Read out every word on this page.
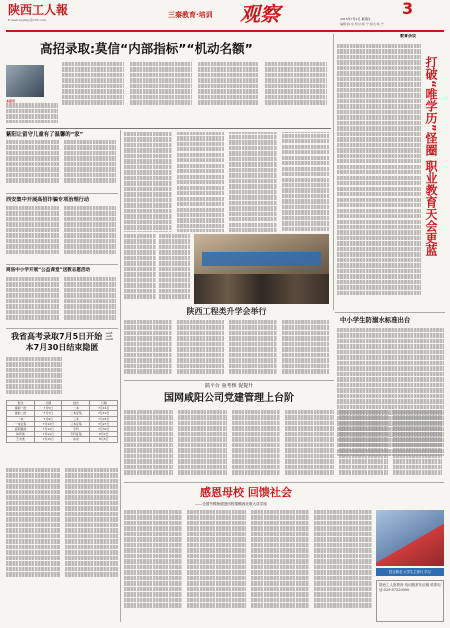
陕西工人報
E-mail:sxgrbjy@163.com
三秦教育·培训	观察	3
2015年7月2日 星期四
编辑:韩 东 校对:杨 宁 版式:杨 宁
高招录取:莫信“内部指标”“机动名额”
本报讯
教育杂谈
打破“唯学历”怪圈 职业教育天会更蓝
紫阳让留守儿童有了温馨的“家”
西安集中开展高招诈骗专项治理行动
商洛中小学开展“公益课堂”送教志愿活动
我省高考录取7月5日开始 三本7月30日结束隐匿
批次	日期	批次	日期
提前一批	7月5日	二本	7月16日
提前二批	7月7日	二本征集	7月19日
一本	7月9日	三本	7月24日
一本征集	7月12日	三本征集	7月27日
高职提前	7月13日	专科	7月30日
体育类	7月14日	专科征集	8月2日
艺术类	7月15日	补录	8月5日
陕西工程类升学会举行
中小学生防溺水标准出台
搞平台 重考核 促提升
国网咸阳公司党建管理上台阶
感恩母校 回馈社会
——全国劳模杨德进回校捐赠西北联大讲学座
投注职业 大学生主体行 学习
陕西工人报教育·培训版常年征稿 联系电话:029-87320000
